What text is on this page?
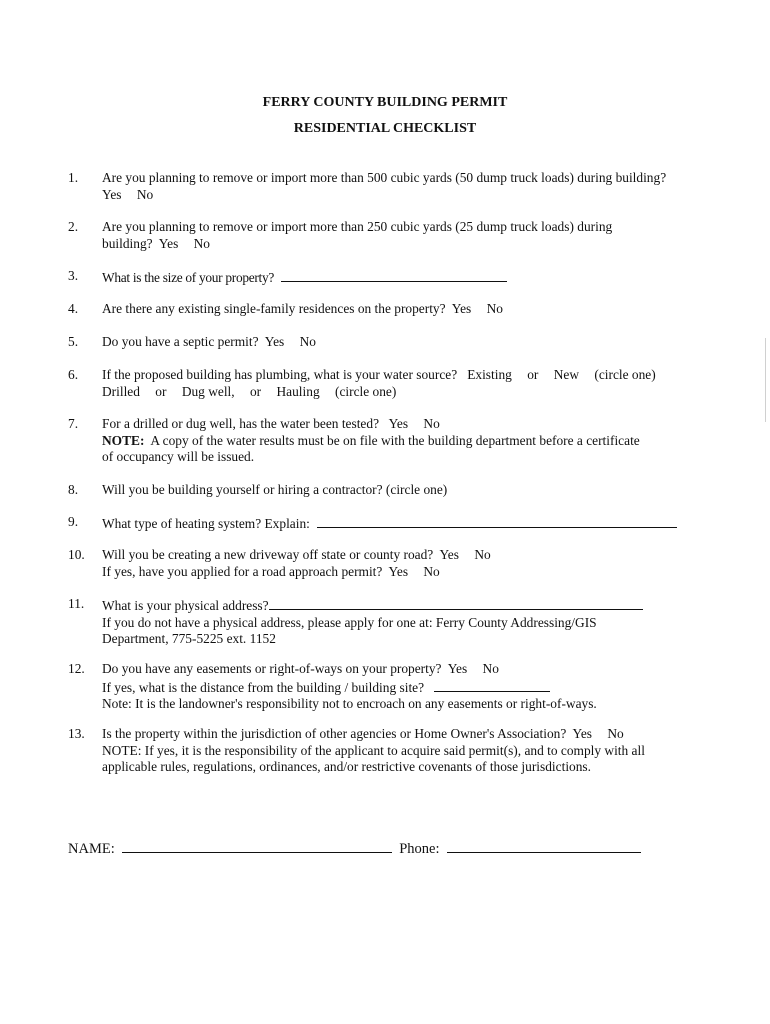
FERRY COUNTY BUILDING PERMIT
RESIDENTIAL CHECKLIST
1.	Are you planning to remove or import more than 500 cubic yards (50 dump truck loads) during building?
Yes No
2.	Are you planning to remove or import more than 250 cubic yards (25 dump truck loads) during
building? Yes No
3.	What is the size of your property?
4.	Are there any existing single-family residences on the property? Yes No
5.	Do you have a septic permit? Yes No
6.	If the proposed building has plumbing, what is your water source? Existing or New (circle one)
Drilled or Dug well, or Hauling (circle one)
7.	For a drilled or dug well, has the water been tested? Yes No
NOTE: A copy of the water results must be on file with the building department before a certificate
of occupancy will be issued.
8.	Will you be building yourself or hiring a contractor? (circle one)
9.	What type of heating system? Explain:
10.	Will you be creating a new driveway off state or county road? Yes No
If yes, have you applied for a road approach permit? Yes No
11.	What is your physical address?
If you do not have a physical address, please apply for one at: Ferry County Addressing/GIS
Department, 775-5225 ext. 1152
12.	Do you have any easements or right-of-ways on your property? Yes No
If yes, what is the distance from the building / building site?
Note: It is the landowner's responsibility not to encroach on any easements or right-of-ways.
13.	Is the property within the jurisdiction of other agencies or Home Owner's Association? Yes No
NOTE: If yes, it is the responsibility of the applicant to acquire said permit(s), and to comply with all
applicable rules, regulations, ordinances, and/or restrictive covenants of those jurisdictions.
NAME:	Phone:
